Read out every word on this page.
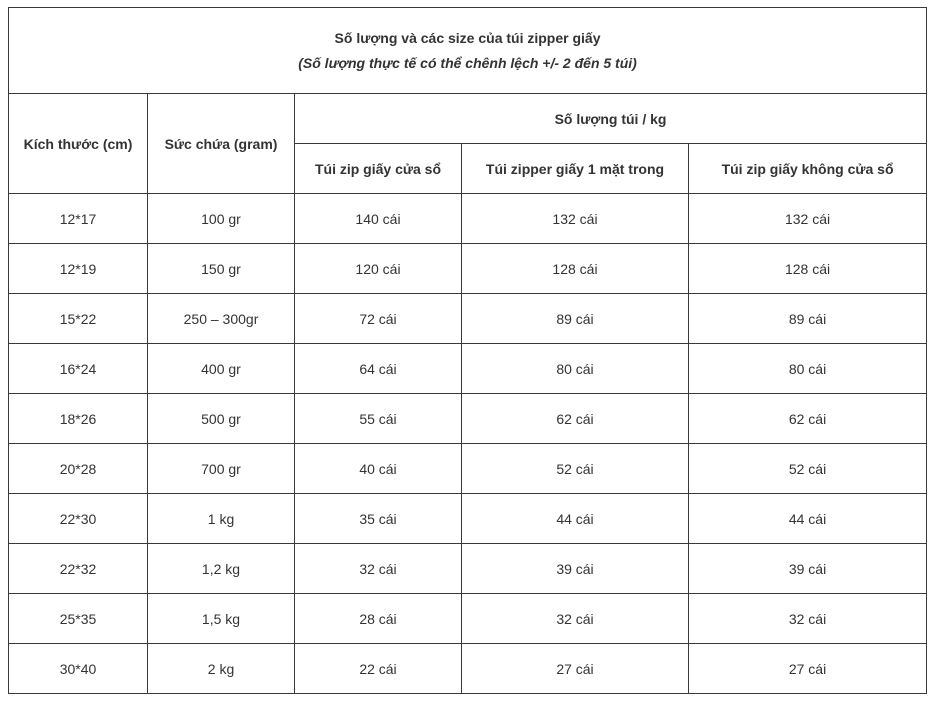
Số lượng và các size của túi zipper giấy
(Số lượng thực tế có thể chênh lệch +/- 2 đến 5 túi)				

Kích thước (cm)	Sức chứa (gram)	Số lượng túi / kg		
		Túi zip giấy cửa sổ	Túi zipper giấy 1 mặt trong	Túi zip giấy không cửa sổ
12*17	100 gr	140 cái	132 cái	132 cái
12*19	150 gr	120 cái	128 cái	128 cái
15*22	250 – 300gr	72 cái	89 cái	89 cái
16*24	400 gr	64 cái	80 cái	80 cái
18*26	500 gr	55 cái	62 cái	62 cái
20*28	700 gr	40 cái	52 cái	52 cái
22*30	1 kg	35 cái	44 cái	44 cái
22*32	1,2 kg	32 cái	39 cái	39 cái
25*35	1,5 kg	28 cái	32 cái	32 cái
30*40	2 kg	22 cái	27 cái	27 cái
